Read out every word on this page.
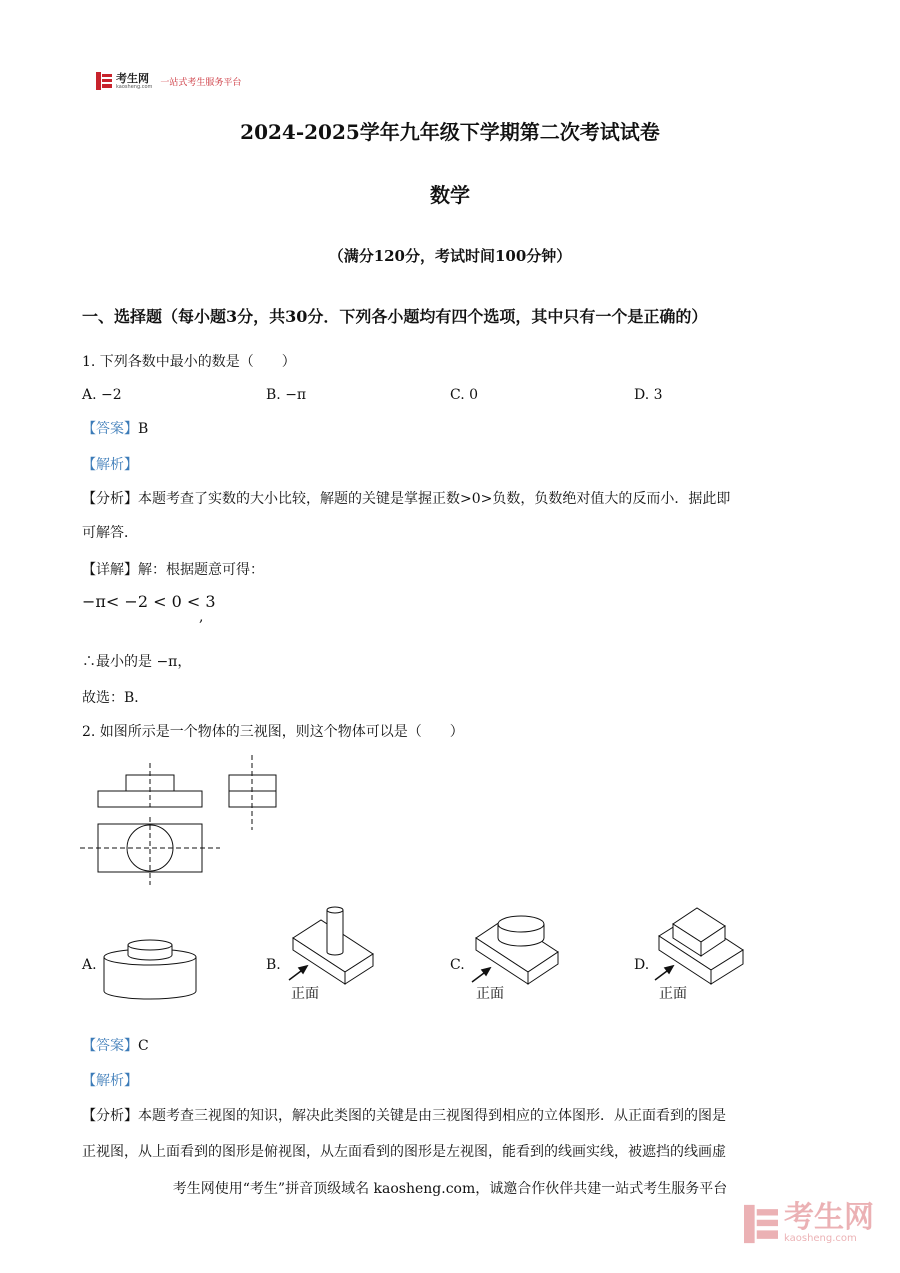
考生网
kaosheng.com 一站式考生服务平台
2024-2025学年九年级下学期第二次考试试卷
数学
（满分120分，考试时间100分钟）
一、选择题（每小题3分，共30分．下列各小题均有四个选项，其中只有一个是正确的）
1. 下列各数中最小的数是（　　）
A. −2	B. −π	C. 0	D. 3
【答案】B
【解析】
【分析】本题考查了实数的大小比较，解题的关键是掌握正数>0>负数，负数绝对值大的反而小．据此即
可解答．
【详解】解：根据题意可得：
−π< −2 < 0 < 3
,
∴最小的是 −π，
故选：B．
2. 如图所示是一个物体的三视图，则这个物体可以是（　　）
A.	B.	C.	D.
正面	正面	正面
【答案】C
【解析】
【分析】本题考查三视图的知识，解决此类图的关键是由三视图得到相应的立体图形．从正面看到的图是
正视图，从上面看到的图形是俯视图，从左面看到的图形是左视图，能看到的线画实线，被遮挡的线画虚
考生网使用“考生”拼音顶级域名 kaosheng.com，诚邀合作伙伴共建一站式考生服务平台
考生网
kaosheng.com
